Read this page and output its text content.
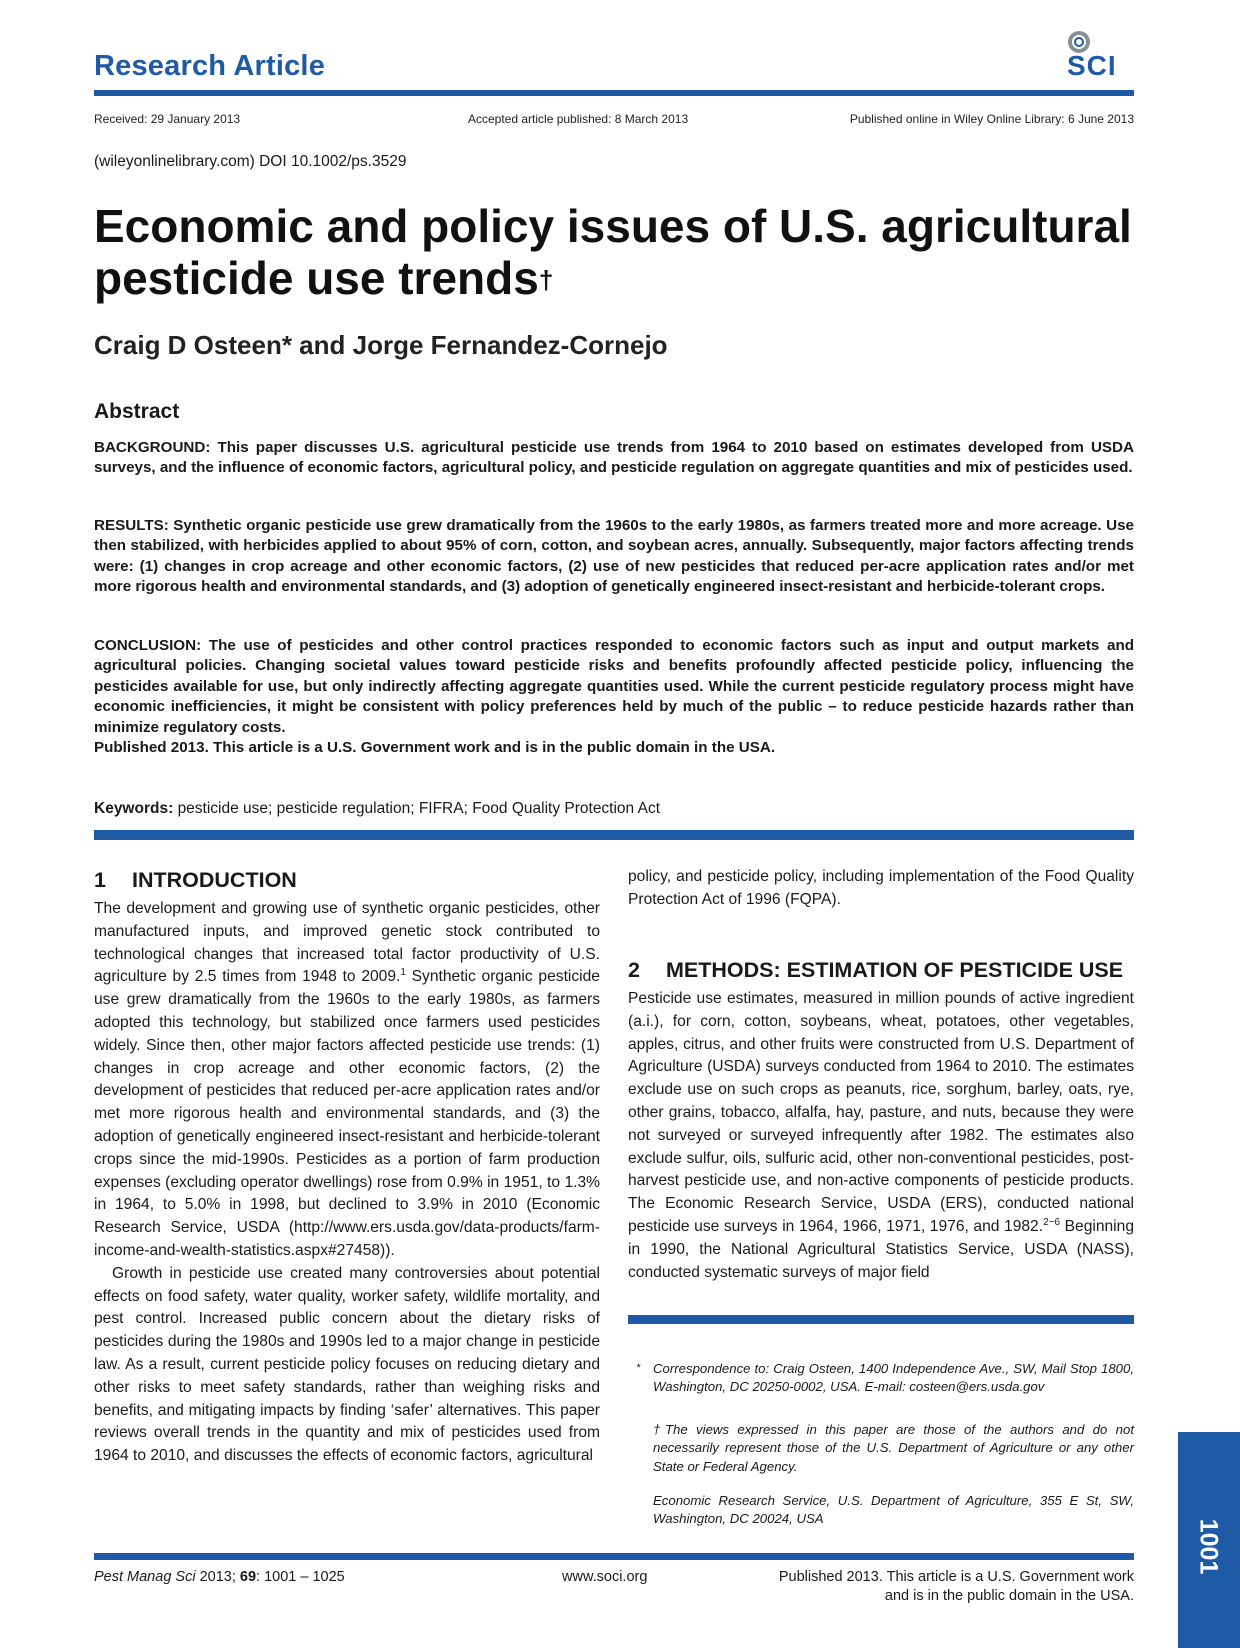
Research Article	SCI
Received: 29 January 2013	Accepted article published: 8 March 2013	Published online in Wiley Online Library: 6 June 2013
(wileyonlinelibrary.com) DOI 10.1002/ps.3529
Economic and policy issues of U.S. agricultural
pesticide use trends†
Craig D Osteen* and Jorge Fernandez-Cornejo
Abstract
BACKGROUND: This paper discusses U.S. agricultural pesticide use trends from 1964 to 2010 based on estimates developed from USDA surveys, and the influence of economic factors, agricultural policy, and pesticide regulation on aggregate quantities and mix of pesticides used.
RESULTS: Synthetic organic pesticide use grew dramatically from the 1960s to the early 1980s, as farmers treated more and more acreage. Use then stabilized, with herbicides applied to about 95% of corn, cotton, and soybean acres, annually. Subsequently, major factors affecting trends were: (1) changes in crop acreage and other economic factors, (2) use of new pesticides that reduced per-acre application rates and/or met more rigorous health and environmental standards, and (3) adoption of genetically engineered insect-resistant and herbicide-tolerant crops.
CONCLUSION: The use of pesticides and other control practices responded to economic factors such as input and output markets and agricultural policies. Changing societal values toward pesticide risks and benefits profoundly affected pesticide policy, influencing the pesticides available for use, but only indirectly affecting aggregate quantities used. While the current pesticide regulatory process might have economic inefficiencies, it might be consistent with policy preferences held by much of the public – to reduce pesticide hazards rather than minimize regulatory costs.
Published 2013. This article is a U.S. Government work and is in the public domain in the USA.
Keywords: pesticide use; pesticide regulation; FIFRA; Food Quality Protection Act
1 INTRODUCTION
The development and growing use of synthetic organic pesticides, other manufactured inputs, and improved genetic stock contributed to technological changes that increased total factor productivity of U.S. agriculture by 2.5 times from 1948 to 2009.$^1$ Synthetic organic pesticide use grew dramatically from the 1960s to the early 1980s, as farmers adopted this technology, but stabilized once farmers used pesticides widely. Since then, other major factors affected pesticide use trends: (1) changes in crop acreage and other economic factors, (2) the development of pesticides that reduced per-acre application rates and/or met more rigorous health and environmental standards, and (3) the adoption of genetically engineered insect-resistant and herbicide-tolerant crops since the mid-1990s. Pesticides as a portion of farm production expenses (excluding operator dwellings) rose from 0.9% in 1951, to 1.3% in 1964, to 5.0% in 1998, but declined to 3.9% in 2010 (Economic Research Service, USDA (http://www.ers.usda.gov/data-products/farm-income-and-wealth-statistics.aspx#27458)).
Growth in pesticide use created many controversies about potential effects on food safety, water quality, worker safety, wildlife mortality, and pest control. Increased public concern about the dietary risks of pesticides during the 1980s and 1990s led to a major change in pesticide law. As a result, current pesticide policy focuses on reducing dietary and other risks to meet safety standards, rather than weighing risks and benefits, and mitigating impacts by finding ‘safer’ alternatives. This paper reviews overall trends in the quantity and mix of pesticides used from 1964 to 2010, and discusses the effects of economic factors, agricultural
policy, and pesticide policy, including implementation of the Food Quality Protection Act of 1996 (FQPA).
2 METHODS: ESTIMATION OF PESTICIDE USE
Pesticide use estimates, measured in million pounds of active ingredient (a.i.), for corn, cotton, soybeans, wheat, potatoes, other vegetables, apples, citrus, and other fruits were constructed from U.S. Department of Agriculture (USDA) surveys conducted from 1964 to 2010. The estimates exclude use on such crops as peanuts, rice, sorghum, barley, oats, rye, other grains, tobacco, alfalfa, hay, pasture, and nuts, because they were not surveyed or surveyed infrequently after 1982. The estimates also exclude sulfur, oils, sulfuric acid, other non-conventional pesticides, post-harvest pesticide use, and non-active components of pesticide products. The Economic Research Service, USDA (ERS), conducted national pesticide use surveys in 1964, 1966, 1971, 1976, and 1982.$^{2-6}$ Beginning in 1990, the National Agricultural Statistics Service, USDA (NASS), conducted systematic surveys of major field
* Correspondence to: Craig Osteen, 1400 Independence Ave., SW, Mail Stop 1800, Washington, DC 20250-0002, USA. E-mail: costeen@ers.usda.gov
†The views expressed in this paper are those of the authors and do not necessarily represent those of the U.S. Department of Agriculture or any other State or Federal Agency.
Economic Research Service, U.S. Department of Agriculture, 355 E St, SW, Washington, DC 20024, USA
Pest Manag Sci 2013; 69: 1001 – 1025	www.soci.org	Published 2013. This article is a U.S. Government work
and is in the public domain in the USA.
1001
